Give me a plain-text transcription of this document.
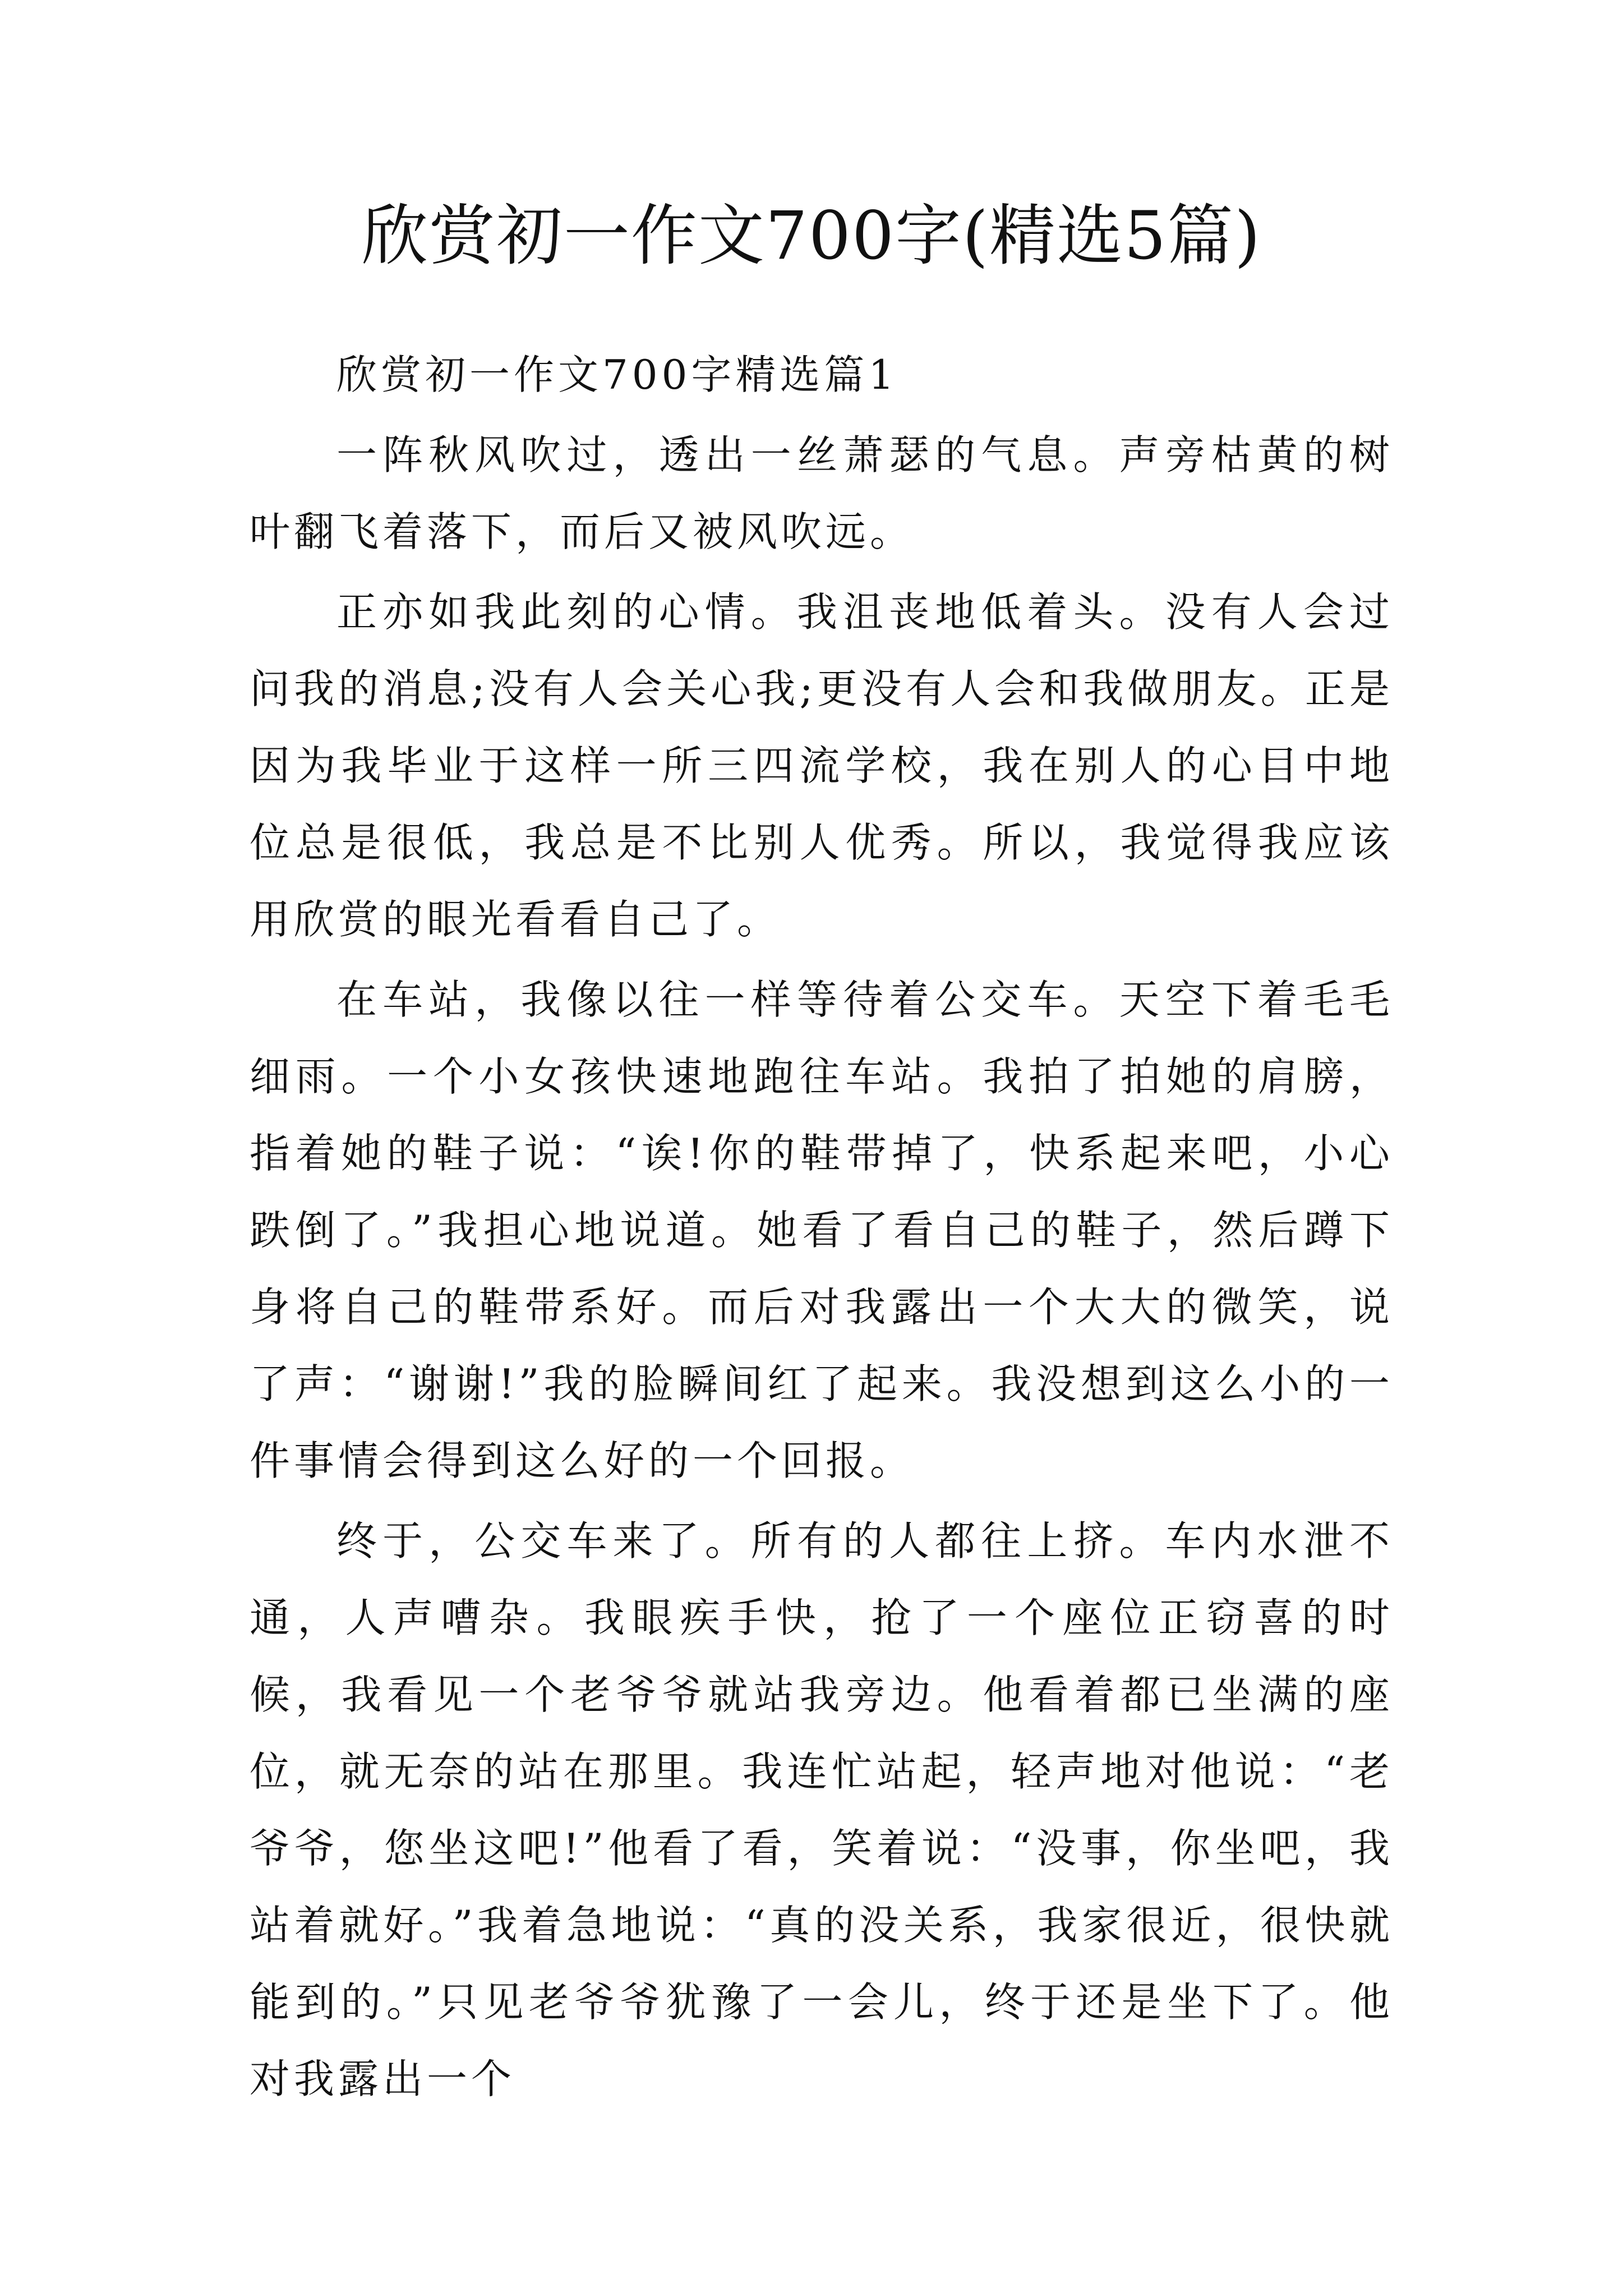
欣赏初一作文700字(精选5篇)

欣赏初一作文700字精选篇1

一阵秋风吹过，透出一丝萧瑟的气息。声旁枯黄的树叶翻飞着落下，而后又被风吹远。

正亦如我此刻的心情。我沮丧地低着头。没有人会过问我的消息;没有人会关心我;更没有人会和我做朋友。正是因为我毕业于这样一所三四流学校，我在别人的心目中地位总是很低，我总是不比别人优秀。所以，我觉得我应该用欣赏的眼光看看自己了。

在车站，我像以往一样等待着公交车。天空下着毛毛细雨。一个小女孩快速地跑往车站。我拍了拍她的肩膀，指着她的鞋子说：“诶!你的鞋带掉了，快系起来吧，小心跌倒了。”我担心地说道。她看了看自己的鞋子，然后蹲下身将自己的鞋带系好。而后对我露出一个大大的微笑，说了声：“谢谢!”我的脸瞬间红了起来。我没想到这么小的一件事情会得到这么好的一个回报。

终于，公交车来了。所有的人都往上挤。车内水泄不通，人声嘈杂。我眼疾手快，抢了一个座位正窃喜的时候，我看见一个老爷爷就站我旁边。他看着都已坐满的座位，就无奈的站在那里。我连忙站起，轻声地对他说：“老爷爷，您坐这吧!”他看了看，笑着说：“没事，你坐吧，我站着就好。”我着急地说：“真的没关系，我家很近，很快就能到的。”只见老爷爷犹豫了一会儿，终于还是坐下了。他对我露出一个
